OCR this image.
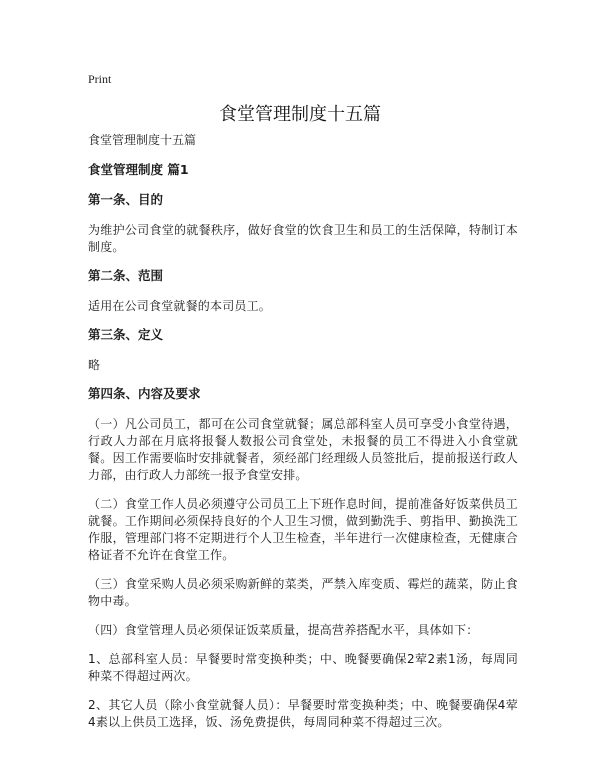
Print
食堂管理制度十五篇

食堂管理制度十五篇

食堂管理制度 篇1

第一条、目的

为维护公司食堂的就餐秩序，做好食堂的饮食卫生和员工的生活保障，特制订本制度。

第二条、范围

适用在公司食堂就餐的本司员工。

第三条、定义

略

第四条、内容及要求

（一）凡公司员工，都可在公司食堂就餐；属总部科室人员可享受小食堂待遇，行政人力部在月底将报餐人数报公司食堂处，未报餐的员工不得进入小食堂就餐。因工作需要临时安排就餐者，须经部门经理级人员签批后，提前报送行政人力部，由行政人力部统一报予食堂安排。

（二）食堂工作人员必须遵守公司员工上下班作息时间，提前准备好饭菜供员工就餐。工作期间必须保持良好的个人卫生习惯，做到勤洗手、剪指甲、勤换洗工作服，管理部门将不定期进行个人卫生检查，半年进行一次健康检查，无健康合格证者不允许在食堂工作。

（三）食堂采购人员必须采购新鲜的菜类，严禁入库变质、霉烂的蔬菜，防止食物中毒。

（四）食堂管理人员必须保证饭菜质量，提高营养搭配水平，具体如下：

1、总部科室人员：早餐要时常变换种类；中、晚餐要确保2荤2素1汤，每周同种菜不得超过两次。

2、其它人员（除小食堂就餐人员）：早餐要时常变换种类；中、晚餐要确保4荤4素以上供员工选择，饭、汤免费提供，每周同种菜不得超过三次。
